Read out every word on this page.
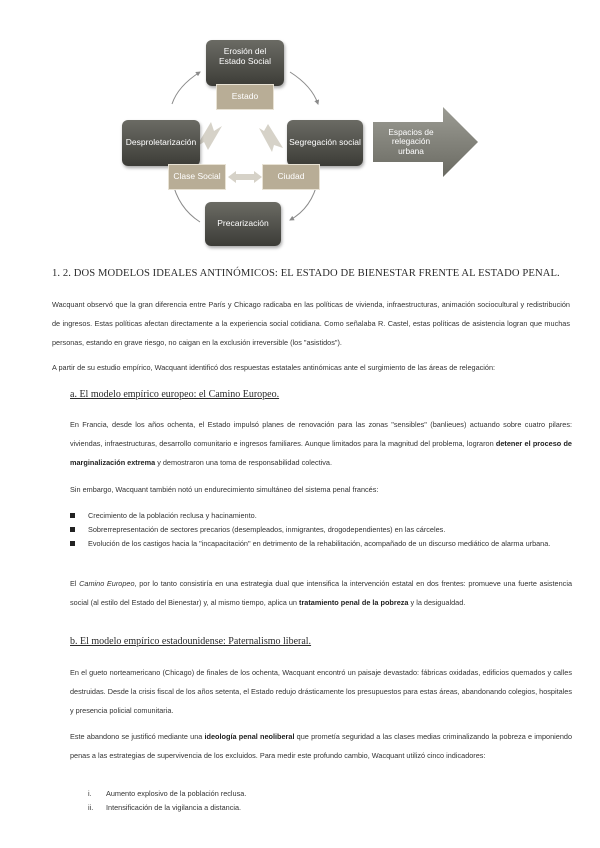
Erosión del Estado Social
Estado
Desproletarización	Segregación social
Clase Social	Ciudad
Precarización
Espacios de relegación urbana
1. 2. DOS MODELOS IDEALES ANTINÓMICOS: EL ESTADO DE BIENESTAR FRENTE AL ESTADO PENAL.

Wacquant observó que la gran diferencia entre París y Chicago radicaba en las políticas de vivienda, infraestructuras, animación sociocultural y redistribución de ingresos. Estas políticas afectan directamente a la experiencia social cotidiana. Como señalaba R. Castel, estas políticas de asistencia logran que muchas personas, estando en grave riesgo, no caigan en la exclusión irreversible (los "asistidos").

A partir de su estudio empírico, Wacquant identificó dos respuestas estatales antinómicas ante el surgimiento de las áreas de relegación:

a. El modelo empírico europeo: el Camino Europeo.

En Francia, desde los años ochenta, el Estado impulsó planes de renovación para las zonas "sensibles" (banlieues) actuando sobre cuatro pilares: viviendas, infraestructuras, desarrollo comunitario e ingresos familiares. Aunque limitados para la magnitud del problema, lograron detener el proceso de marginalización extrema y demostraron una toma de responsabilidad colectiva.

Sin embargo, Wacquant también notó un endurecimiento simultáneo del sistema penal francés:

Crecimiento de la población reclusa y hacinamiento.
Sobrerrepresentación de sectores precarios (desempleados, inmigrantes, drogodependientes) en las cárceles.
Evolución de los castigos hacia la "incapacitación" en detrimento de la rehabilitación, acompañado de un discurso mediático de alarma urbana.

El Camino Europeo, por lo tanto consistiría en una estrategia dual que intensifica la intervención estatal en dos frentes: promueve una fuerte asistencia social (al estilo del Estado del Bienestar) y, al mismo tiempo, aplica un tratamiento penal de la pobreza y la desigualdad.

b. El modelo empírico estadounidense: Paternalismo liberal.

En el gueto norteamericano (Chicago) de finales de los ochenta, Wacquant encontró un paisaje devastado: fábricas oxidadas, edificios quemados y calles destruidas. Desde la crisis fiscal de los años setenta, el Estado redujo drásticamente los presupuestos para estas áreas, abandonando colegios, hospitales y presencia policial comunitaria.

Este abandono se justificó mediante una ideología penal neoliberal que prometía seguridad a las clases medias criminalizando la pobreza e imponiendo penas a las estrategias de supervivencia de los excluidos. Para medir este profundo cambio, Wacquant utilizó cinco indicadores:

i.	Aumento explosivo de la población reclusa.
ii.	Intensificación de la vigilancia a distancia.
